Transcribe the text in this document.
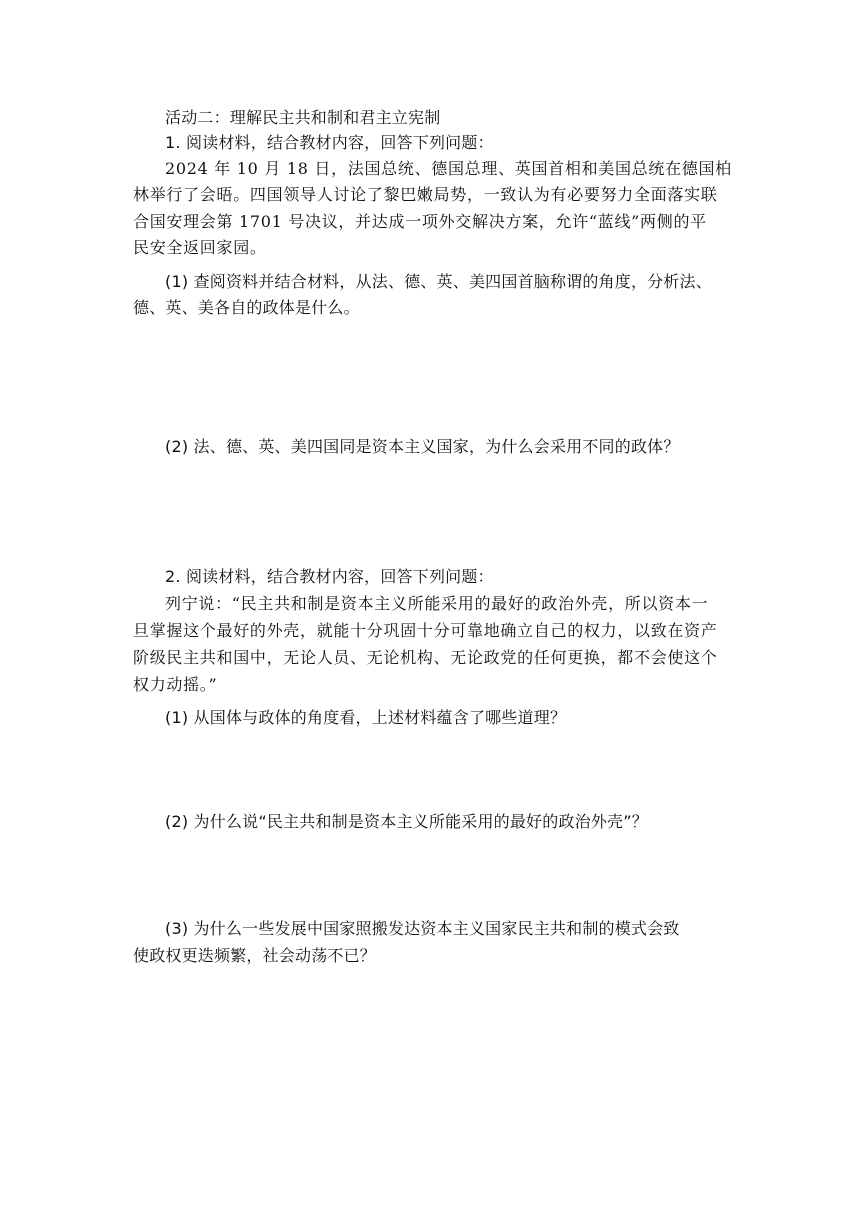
活动二：理解民主共和制和君主立宪制
1. 阅读材料，结合教材内容，回答下列问题：
2024 年 10 月 18 日，法国总统、德国总理、英国首相和美国总统在德国柏
林举行了会晤。四国领导人讨论了黎巴嫩局势，一致认为有必要努力全面落实联
合国安理会第 1701 号决议，并达成一项外交解决方案，允许“蓝线”两侧的平
民安全返回家园。
(1) 查阅资料并结合材料，从法、德、英、美四国首脑称谓的角度，分析法、
德、英、美各自的政体是什么。
(2) 法、德、英、美四国同是资本主义国家，为什么会采用不同的政体？
2. 阅读材料，结合教材内容，回答下列问题：
列宁说：“民主共和制是资本主义所能采用的最好的政治外壳，所以资本一
旦掌握这个最好的外壳，就能十分巩固十分可靠地确立自己的权力，以致在资产
阶级民主共和国中，无论人员、无论机构、无论政党的任何更换，都不会使这个
权力动摇。”
(1) 从国体与政体的角度看，上述材料蕴含了哪些道理？
(2) 为什么说“民主共和制是资本主义所能采用的最好的政治外壳”？
(3) 为什么一些发展中国家照搬发达资本主义国家民主共和制的模式会致
使政权更迭频繁，社会动荡不已？
